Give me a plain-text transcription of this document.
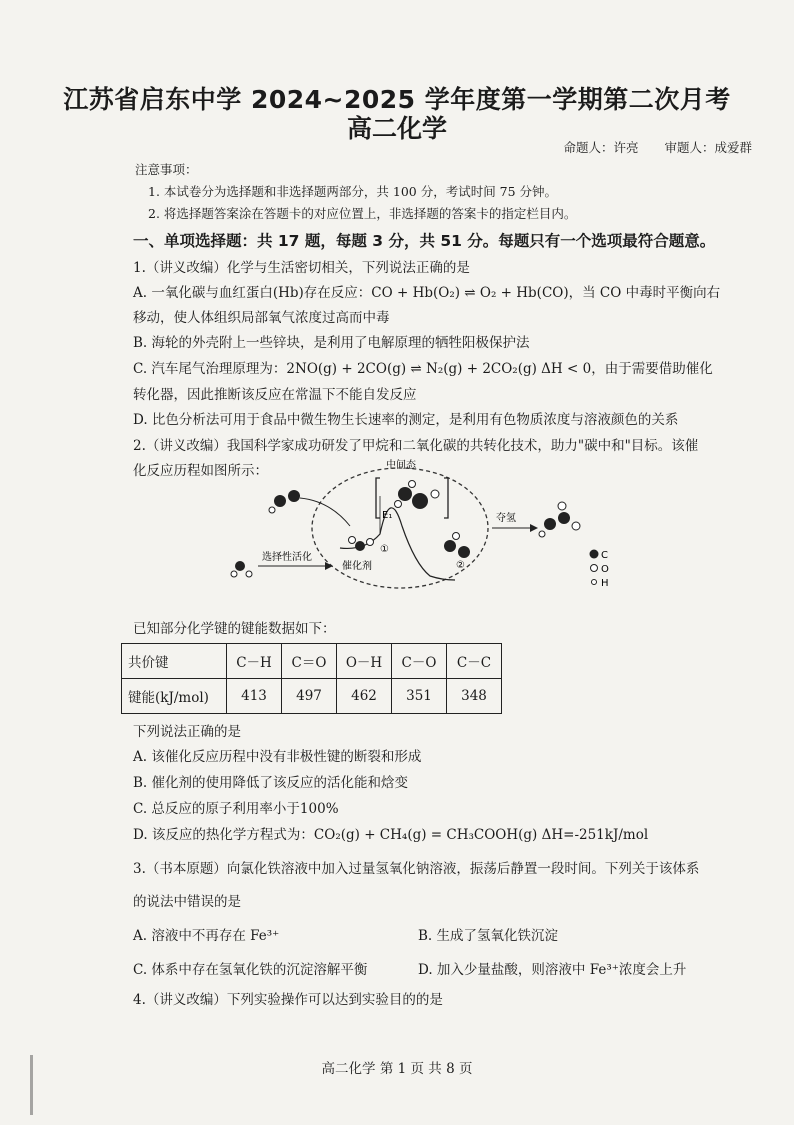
江苏省启东中学 2024~2025 学年度第一学期第二次月考
高二化学
命题人：许亮 审题人：成爱群
注意事项：
1. 本试卷分为选择题和非选择题两部分，共 100 分，考试时间 75 分钟。
2. 将选择题答案涂在答题卡的对应位置上，非选择题的答案卡的指定栏目内。
一、单项选择题：共 17 题，每题 3 分，共 51 分。每题只有一个选项最符合题意。
1.（讲义改编）化学与生活密切相关，下列说法正确的是
A. 一氧化碳与血红蛋白(Hb)存在反应：CO + Hb(O₂) ⇌ O₂ + Hb(CO)，当 CO 中毒时平衡向右
移动，使人体组织局部氧气浓度过高而中毒
B. 海轮的外壳附上一些锌块，是利用了电解原理的牺牲阳极保护法
C. 汽车尾气治理原理为：2NO(g) + 2CO(g) ⇌ N₂(g) + 2CO₂(g) ΔH < 0，由于需要借助催化
转化器，因此推断该反应在常温下不能自发反应
D. 比色分析法可用于食品中微生物生长速率的测定，是利用有色物质浓度与溶液颜色的关系
2.（讲义改编）我国科学家成功研发了甲烷和二氧化碳的共转化技术，助力"碳中和"目标。该催
化反应历程如图所示：	中间态
E₁
①
催化剂	②
选择性活化
夺氢
C
O
H
已知部分化学键的键能数据如下：
共价键	C－H	C＝O	O－H	C－O	C－C
键能(kJ/mol)	413	497	462	351	348
下列说法正确的是
A. 该催化反应历程中没有非极性键的断裂和形成
B. 催化剂的使用降低了该反应的活化能和焓变
C. 总反应的原子利用率小于100%
D. 该反应的热化学方程式为：CO₂(g) + CH₄(g) = CH₃COOH(g) ΔH=-251kJ/mol
3.（书本原题）向氯化铁溶液中加入过量氢氧化钠溶液，振荡后静置一段时间。下列关于该体系
的说法中错误的是
A. 溶液中不再存在 Fe³⁺	B. 生成了氢氧化铁沉淀
C. 体系中存在氢氧化铁的沉淀溶解平衡	D. 加入少量盐酸，则溶液中 Fe³⁺浓度会上升
4.（讲义改编）下列实验操作可以达到实验目的的是
高二化学 第 1 页 共 8 页
